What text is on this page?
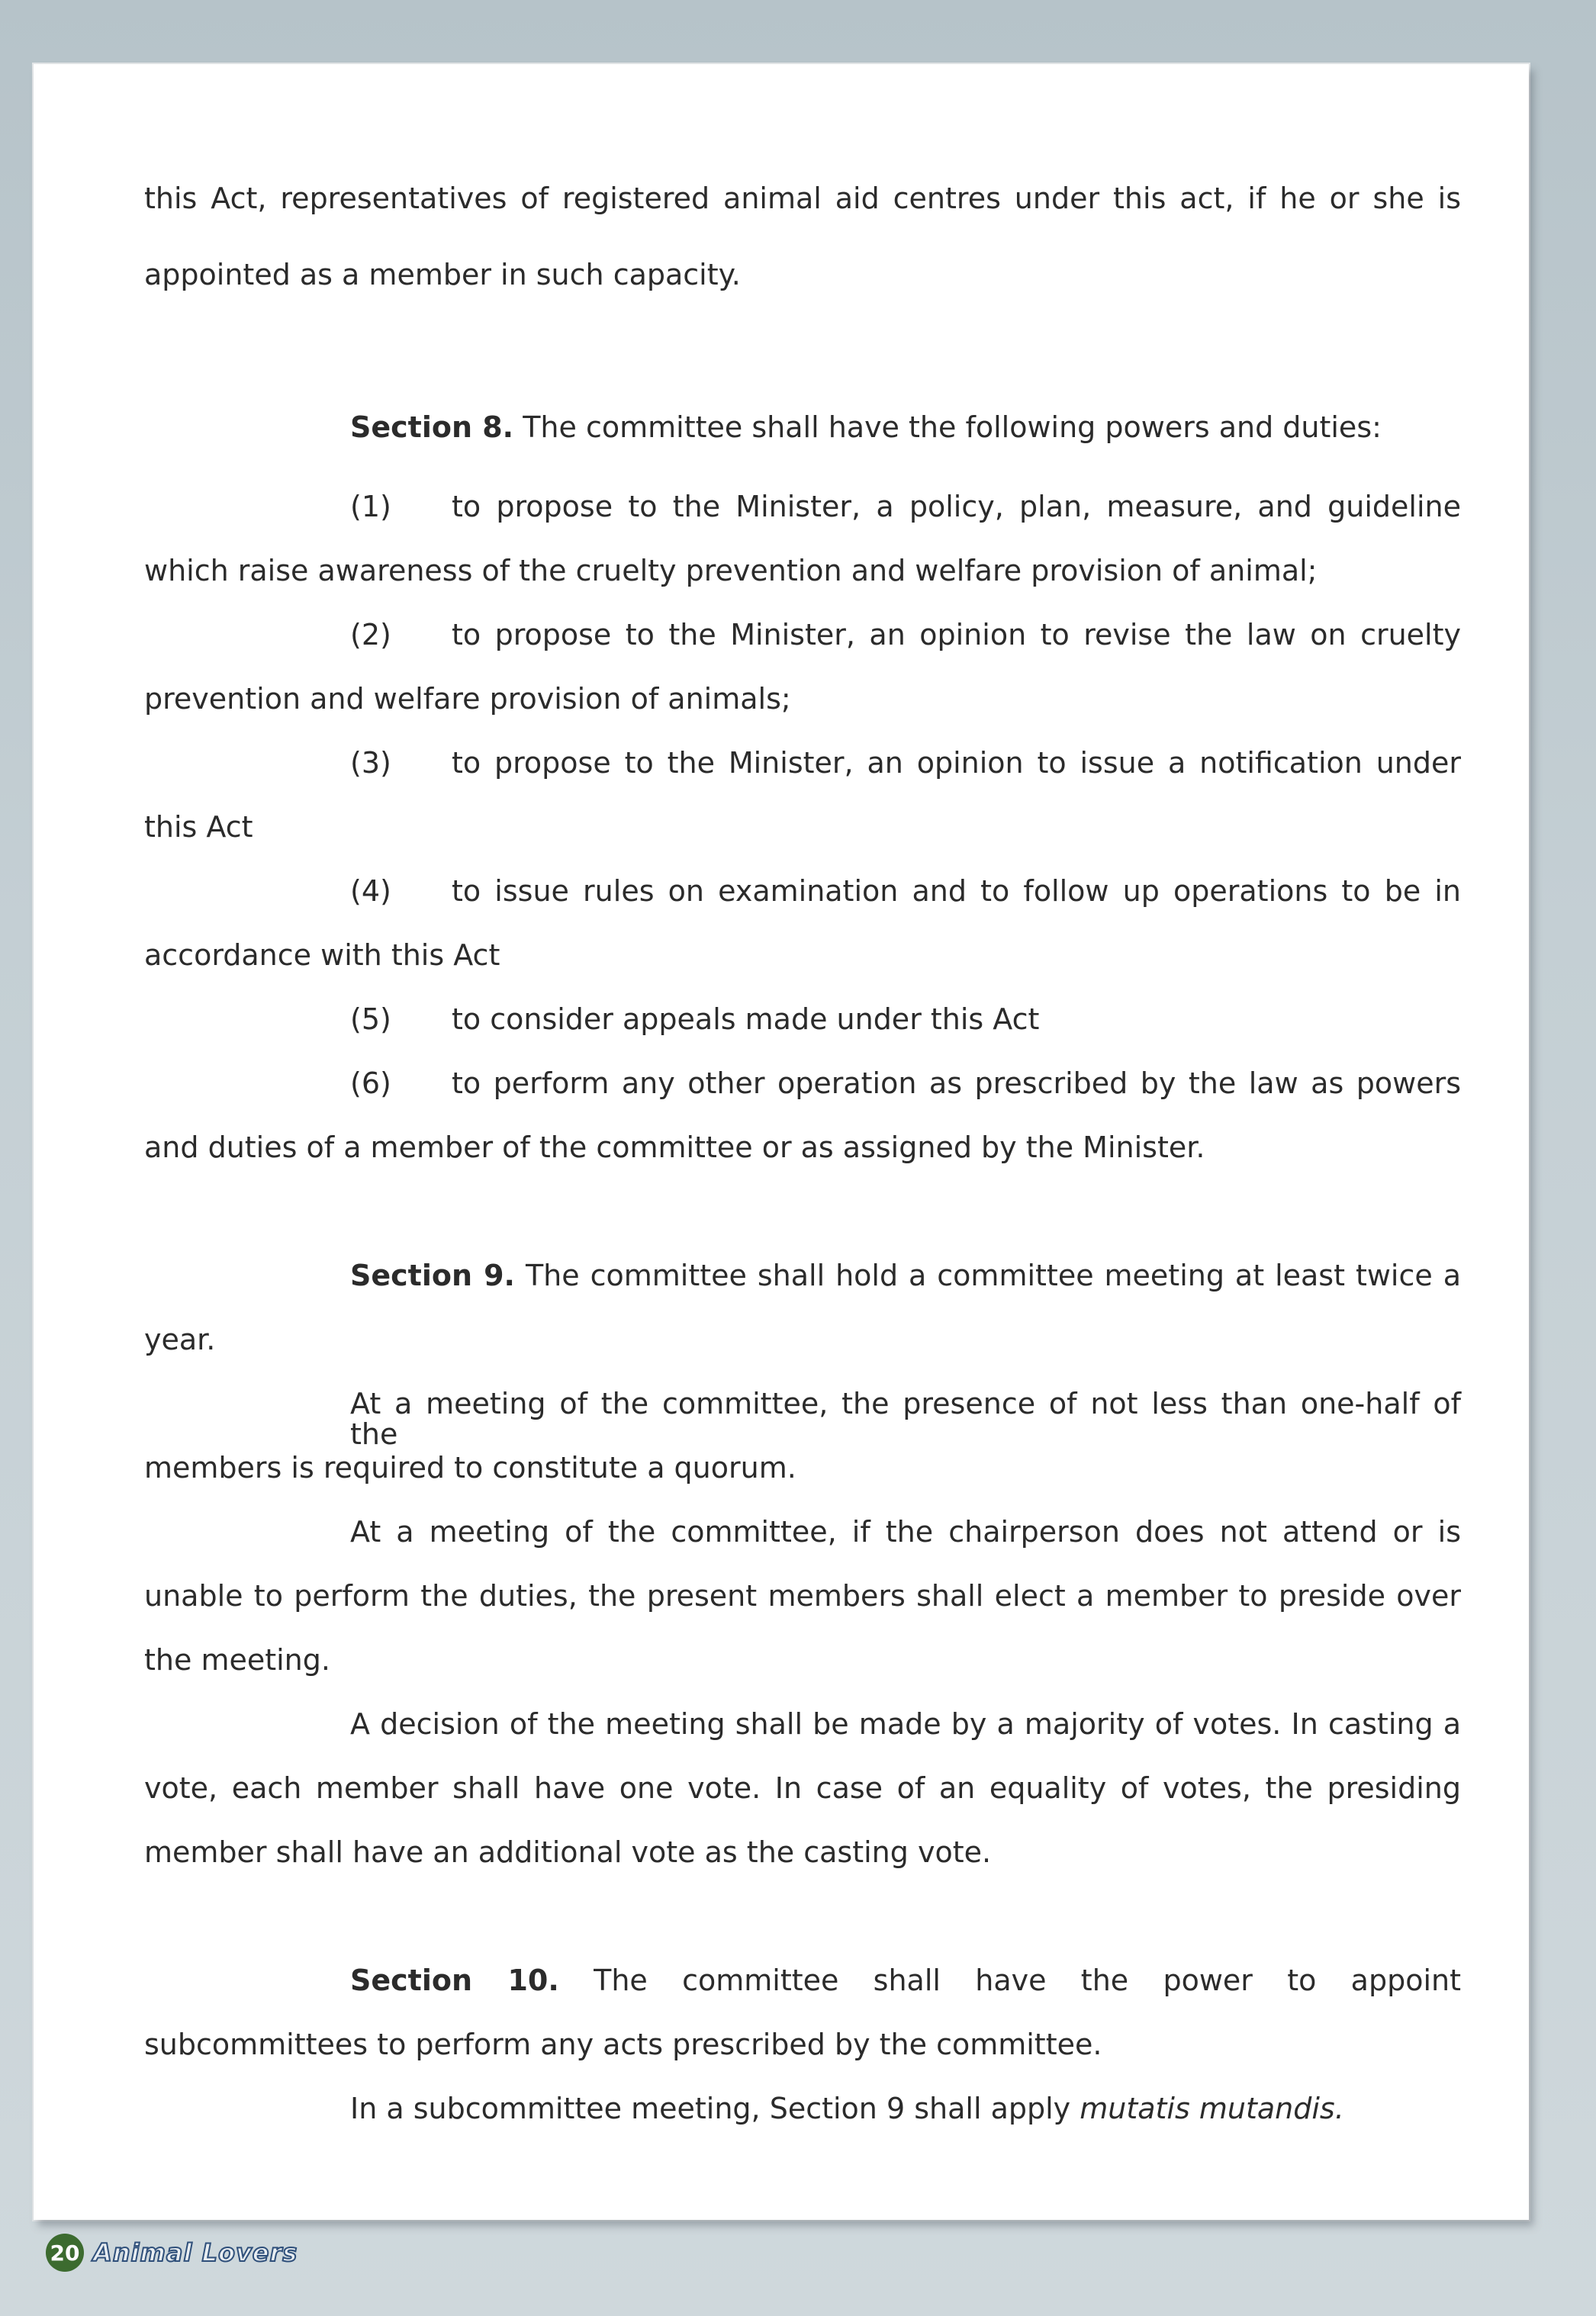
this Act, representatives of registered animal aid centres under this act, if he or she is
appointed as a member in such capacity.
Section 8. The committee shall have the following powers and duties:
(1) to propose to the Minister, a policy, plan, measure, and guideline
which raise awareness of the cruelty prevention and welfare provision of animal;
(2) to propose to the Minister, an opinion to revise the law on cruelty
prevention and welfare provision of animals;
(3) to propose to the Minister, an opinion to issue a notification under
this Act
(4) to issue rules on examination and to follow up operations to be in
accordance with this Act
(5) to consider appeals made under this Act
(6) to perform any other operation as prescribed by the law as powers
and duties of a member of the committee or as assigned by the Minister.
Section 9. The committee shall hold a committee meeting at least twice a
year.
At a meeting of the committee, the presence of not less than one-half of the
members is required to constitute a quorum.
At a meeting of the committee, if the chairperson does not attend or is
unable to perform the duties, the present members shall elect a member to preside over
the meeting.
A decision of the meeting shall be made by a majority of votes. In casting a
vote, each member shall have one vote. In case of an equality of votes, the presiding
member shall have an additional vote as the casting vote.
Section 10. The committee shall have the power to appoint
subcommittees to perform any acts prescribed by the committee.
In a subcommittee meeting, Section 9 shall apply mutatis mutandis.
20 Animal Lovers
